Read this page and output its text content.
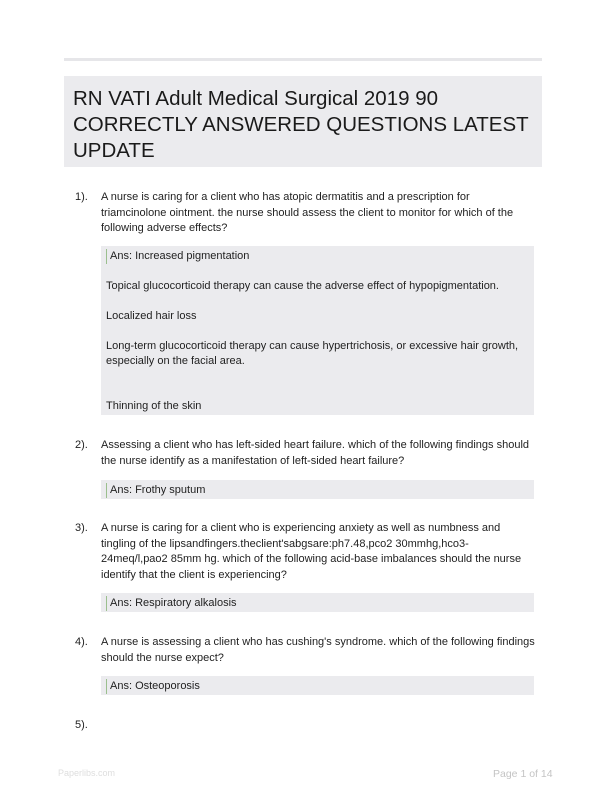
RN VATI Adult Medical Surgical 2019 90 CORRECTLY ANSWERED QUESTIONS LATEST UPDATE
1). A nurse is caring for a client who has atopic dermatitis and a prescription for triamcinolone ointment. the nurse should assess the client to monitor for which of the following adverse effects?

Ans: Increased pigmentation

Topical glucocorticoid therapy can cause the adverse effect of hypopigmentation.

Localized hair loss

Long-term glucocorticoid therapy can cause hypertrichosis, or excessive hair growth, especially on the facial area.

Thinning of the skin

2). Assessing a client who has left-sided heart failure. which of the following findings should the nurse identify as a manifestation of left-sided heart failure?

Ans: Frothy sputum

3). A nurse is caring for a client who is experiencing anxiety as well as numbness and tingling of the lipsandfingers.theclient'sabgsare:ph7.48,pco2 30mmhg,hco3- 24meq/l,pao2 85mm hg. which of the following acid-base imbalances should the nurse identify that the client is experiencing?

Ans: Respiratory alkalosis

4). A nurse is assessing a client who has cushing's syndrome. which of the following findings should the nurse expect?

Ans: Osteoporosis

5).
Paperlibs.com	Page 1 of 14
